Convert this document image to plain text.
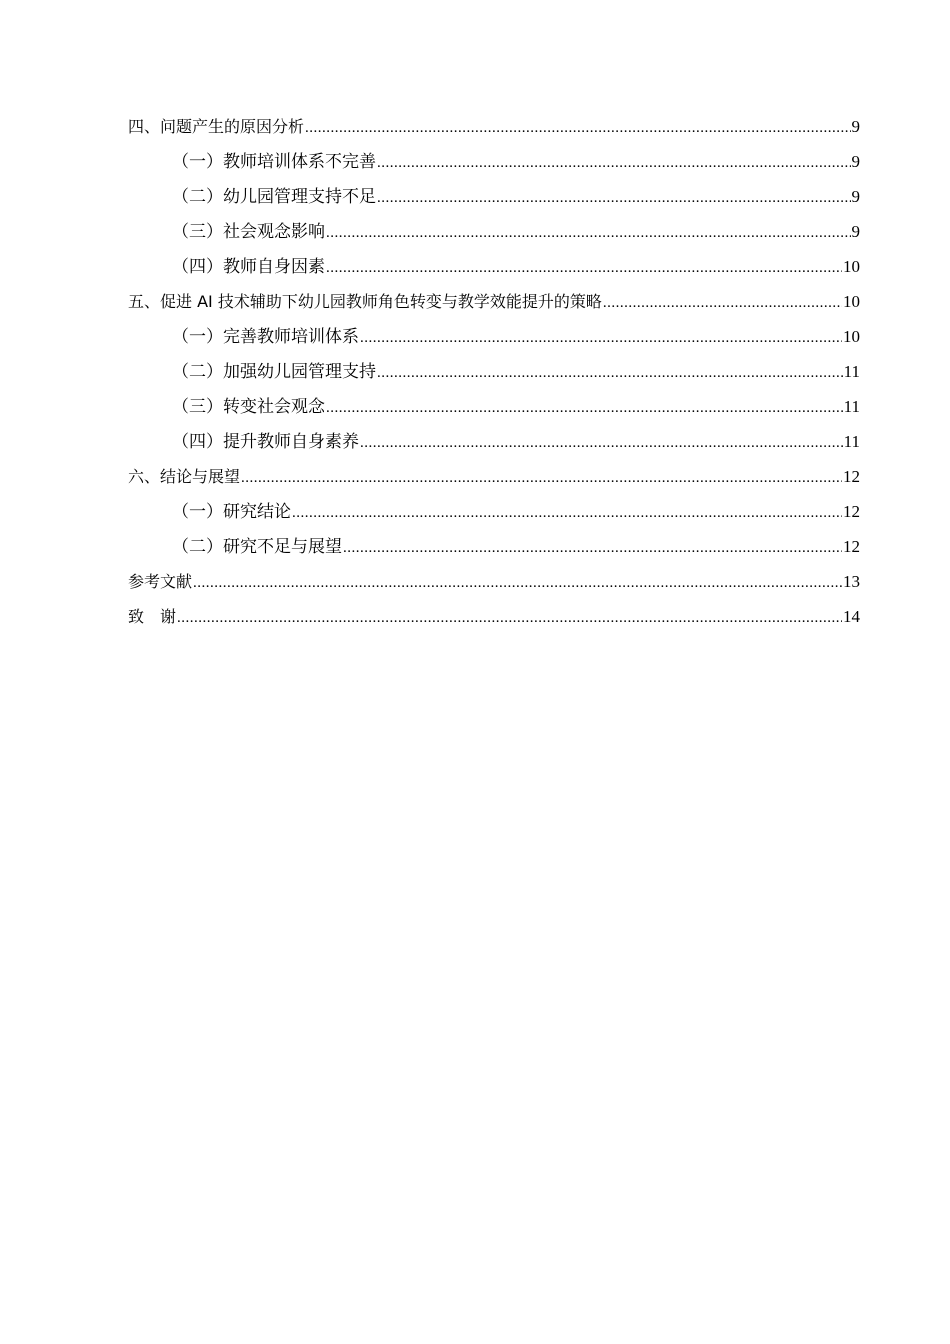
四、问题产生的原因分析 .....	9
（一）教师培训体系不完善 .....	9
（二）幼儿园管理支持不足 .....	9
（三）社会观念影响 .....	9
（四）教师自身因素 .....	10
五、促进 AI 技术辅助下幼儿园教师角色转变与教学效能提升的策略 .....	10
（一）完善教师培训体系 .....	10
（二）加强幼儿园管理支持 .....	11
（三）转变社会观念 .....	11
（四）提升教师自身素养 .....	11
六、结论与展望 .....	12
（一）研究结论 .....	12
（二）研究不足与展望 .....	12
参考文献 .....	13
致　谢 .....	14
